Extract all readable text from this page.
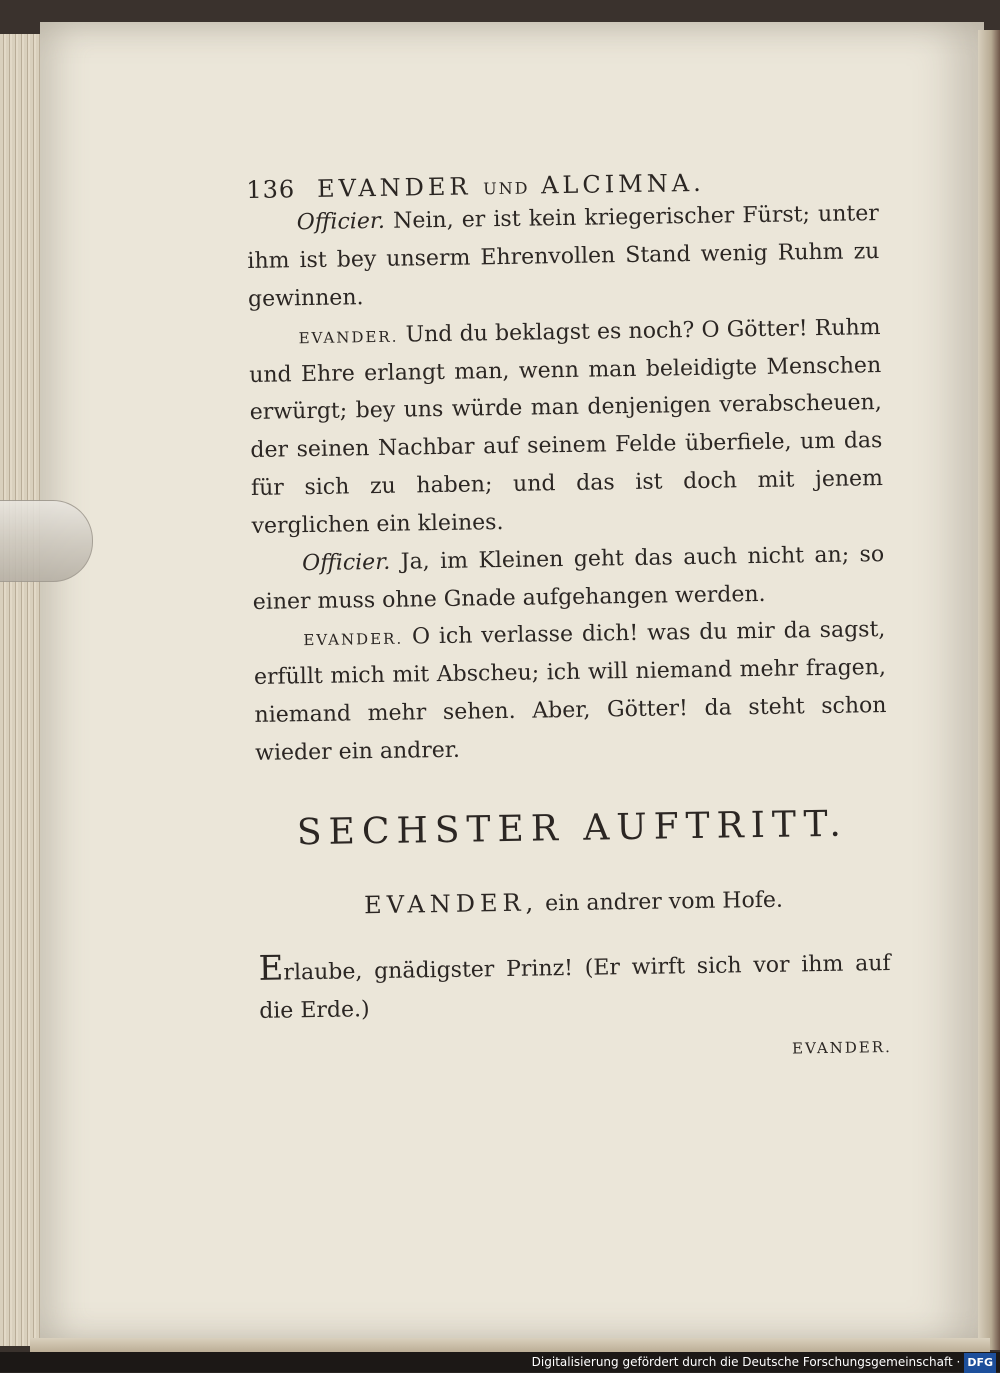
136 EVANDER UND ALCIMNA.

Officier. Nein, er ist kein kriegerischer Fürst; unter ihm ist bey unserm Ehrenvollen Stand wenig Ruhm zu gewinnen.

EVANDER. Und du beklagst es noch? O Götter! Ruhm und Ehre erlangt man, wenn man beleidigte Menschen erwürgt; bey uns würde man denjenigen verabscheuen, der seinen Nachbar auf seinem Felde überfiele, um das für sich zu haben; und das ist doch mit jenem verglichen ein kleines.

Officier. Ja, im Kleinen geht das auch nicht an; so einer muss ohne Gnade aufgehangen werden.

EVANDER. O ich verlasse dich! was du mir da sagst, erfüllt mich mit Abscheu; ich will niemand mehr fragen, niemand mehr sehen. Aber, Götter! da steht schon wieder ein andrer.

SECHSTER AUFTRITT.
EVANDER, ein andrer vom Hofe.

Erlaube, gnädigster Prinz! (Er wirft sich vor ihm auf die Erde.)

EVANDER.
Digitalisierung gefördert durch die Deutsche Forschungsgemeinschaft · DFG
